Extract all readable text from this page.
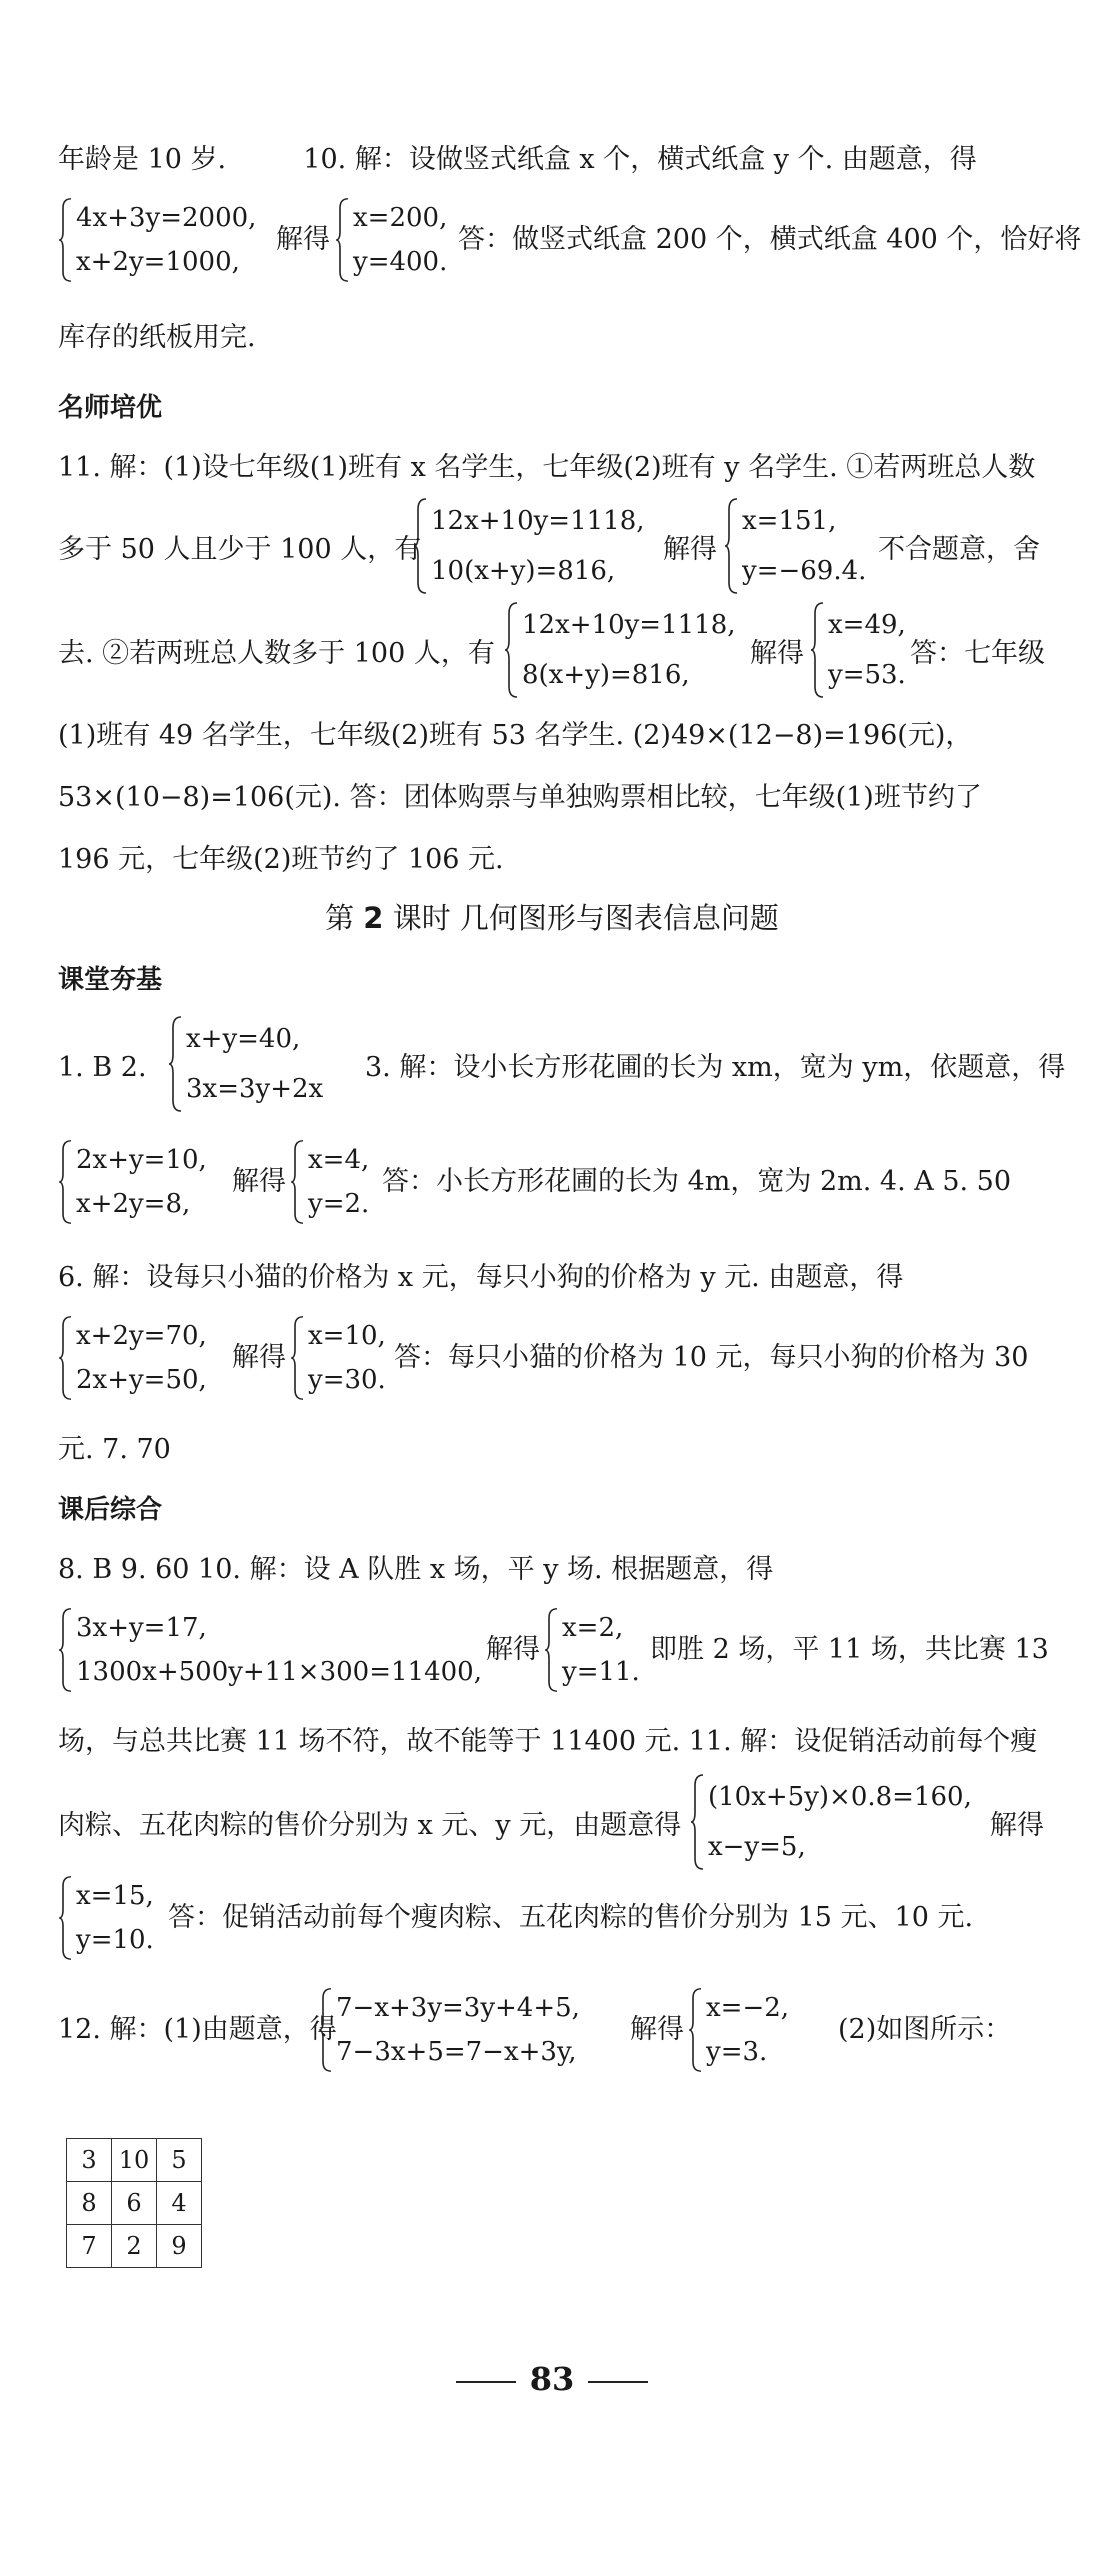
年龄是 10 岁.	10. 解：设做竖式纸盒 x 个，横式纸盒 y 个. 由题意，得
4x+3y=2000,
x+2y=1000,
解得
x=200,
y=400.
答：做竖式纸盒 200 个，横式纸盒 400 个，恰好将
库存的纸板用完.
名师培优
11. 解：(1)设七年级(1)班有 x 名学生，七年级(2)班有 y 名学生. ①若两班总人数
多于 50 人且少于 100 人，有
12x+10y=1118,
10(x+y)=816,
解得
x=151,
y=−69.4.
不合题意，舍
去. ②若两班总人数多于 100 人，有
12x+10y=1118,
8(x+y)=816,
解得
x=49,
y=53.
答：七年级
(1)班有 49 名学生，七年级(2)班有 53 名学生. (2)49×(12−8)=196(元)，
53×(10−8)=106(元). 答：团体购票与单独购票相比较，七年级(1)班节约了
196 元，七年级(2)班节约了 106 元.
第 2 课时 几何图形与图表信息问题
课堂夯基
1. B 2.
x+y=40,
3x=3y+2x
3. 解：设小长方形花圃的长为 xm，宽为 ym，依题意，得
2x+y=10,
x+2y=8,
解得
x=4,
y=2.
答：小长方形花圃的长为 4m，宽为 2m. 4. A 5. 50
6. 解：设每只小猫的价格为 x 元，每只小狗的价格为 y 元. 由题意，得
x+2y=70,
2x+y=50,
解得
x=10,
y=30.
答：每只小猫的价格为 10 元，每只小狗的价格为 30
元. 7. 70
课后综合
8. B 9. 60 10. 解：设 A 队胜 x 场，平 y 场. 根据题意，得
3x+y=17,
1300x+500y+11×300=11400,
解得
x=2,
y=11.
即胜 2 场，平 11 场，共比赛 13
场，与总共比赛 11 场不符，故不能等于 11400 元. 11. 解：设促销活动前每个瘦
肉粽、五花肉粽的售价分别为 x 元、y 元，由题意得
(10x+5y)×0.8=160,
x−y=5,
解得
x=15,
y=10.
答：促销活动前每个瘦肉粽、五花肉粽的售价分别为 15 元、10 元.
12. 解：(1)由题意，得
7−x+3y=3y+4+5,
7−3x+5=7−x+3y,
解得
x=−2,
y=3.
(2)如图所示：
3	10	5
8	6	4
7	2	9
83
